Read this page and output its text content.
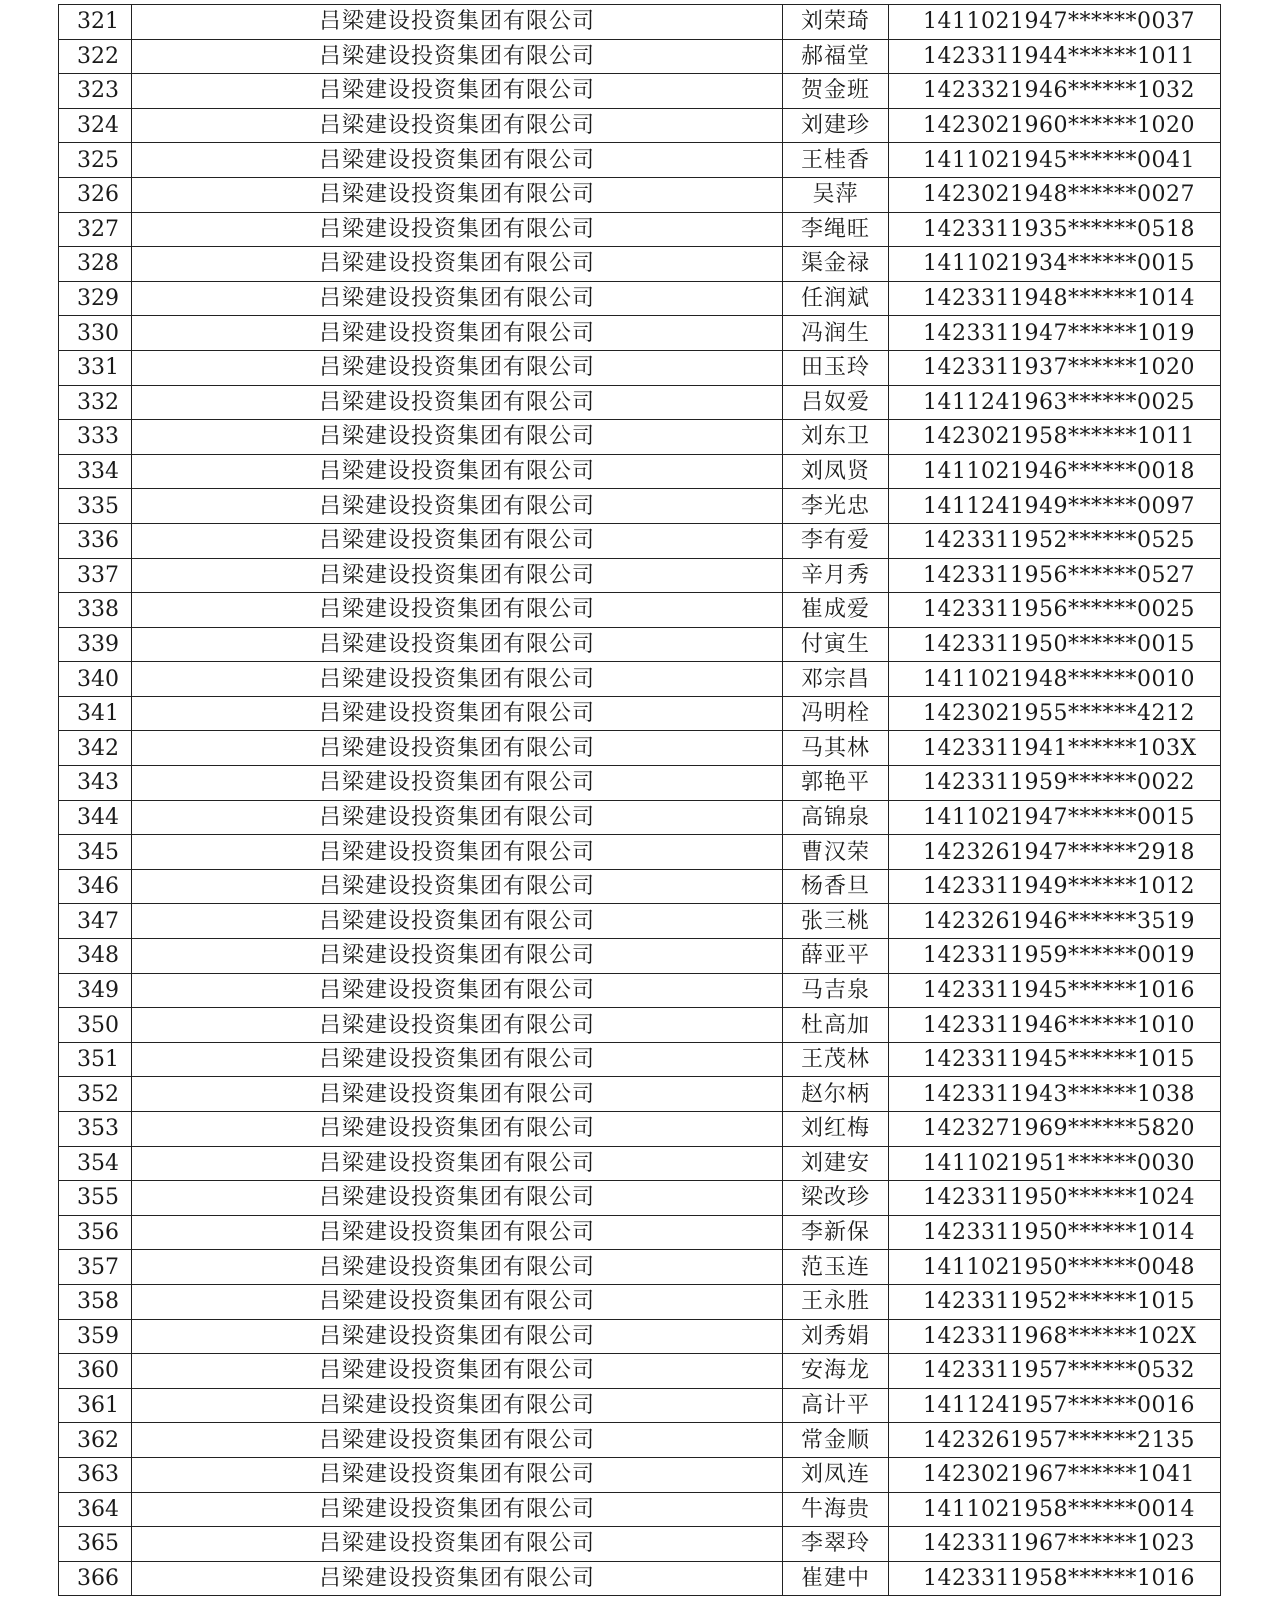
321	吕梁建设投资集团有限公司	刘荣琦	1411021947******0037
322	吕梁建设投资集团有限公司	郝福堂	1423311944******1011
323	吕梁建设投资集团有限公司	贺金班	1423321946******1032
324	吕梁建设投资集团有限公司	刘建珍	1423021960******1020
325	吕梁建设投资集团有限公司	王桂香	1411021945******0041
326	吕梁建设投资集团有限公司	吴萍	1423021948******0027
327	吕梁建设投资集团有限公司	李绳旺	1423311935******0518
328	吕梁建设投资集团有限公司	渠金禄	1411021934******0015
329	吕梁建设投资集团有限公司	任润斌	1423311948******1014
330	吕梁建设投资集团有限公司	冯润生	1423311947******1019
331	吕梁建设投资集团有限公司	田玉玲	1423311937******1020
332	吕梁建设投资集团有限公司	吕奴爱	1411241963******0025
333	吕梁建设投资集团有限公司	刘东卫	1423021958******1011
334	吕梁建设投资集团有限公司	刘凤贤	1411021946******0018
335	吕梁建设投资集团有限公司	李光忠	1411241949******0097
336	吕梁建设投资集团有限公司	李有爱	1423311952******0525
337	吕梁建设投资集团有限公司	辛月秀	1423311956******0527
338	吕梁建设投资集团有限公司	崔成爱	1423311956******0025
339	吕梁建设投资集团有限公司	付寅生	1423311950******0015
340	吕梁建设投资集团有限公司	邓宗昌	1411021948******0010
341	吕梁建设投资集团有限公司	冯明栓	1423021955******4212
342	吕梁建设投资集团有限公司	马其林	1423311941******103X
343	吕梁建设投资集团有限公司	郭艳平	1423311959******0022
344	吕梁建设投资集团有限公司	高锦泉	1411021947******0015
345	吕梁建设投资集团有限公司	曹汉荣	1423261947******2918
346	吕梁建设投资集团有限公司	杨香旦	1423311949******1012
347	吕梁建设投资集团有限公司	张三桃	1423261946******3519
348	吕梁建设投资集团有限公司	薛亚平	1423311959******0019
349	吕梁建设投资集团有限公司	马吉泉	1423311945******1016
350	吕梁建设投资集团有限公司	杜高加	1423311946******1010
351	吕梁建设投资集团有限公司	王茂林	1423311945******1015
352	吕梁建设投资集团有限公司	赵尔柄	1423311943******1038
353	吕梁建设投资集团有限公司	刘红梅	1423271969******5820
354	吕梁建设投资集团有限公司	刘建安	1411021951******0030
355	吕梁建设投资集团有限公司	梁改珍	1423311950******1024
356	吕梁建设投资集团有限公司	李新保	1423311950******1014
357	吕梁建设投资集团有限公司	范玉连	1411021950******0048
358	吕梁建设投资集团有限公司	王永胜	1423311952******1015
359	吕梁建设投资集团有限公司	刘秀娟	1423311968******102X
360	吕梁建设投资集团有限公司	安海龙	1423311957******0532
361	吕梁建设投资集团有限公司	高计平	1411241957******0016
362	吕梁建设投资集团有限公司	常金顺	1423261957******2135
363	吕梁建设投资集团有限公司	刘凤连	1423021967******1041
364	吕梁建设投资集团有限公司	牛海贵	1411021958******0014
365	吕梁建设投资集团有限公司	李翠玲	1423311967******1023
366	吕梁建设投资集团有限公司	崔建中	1423311958******1016
